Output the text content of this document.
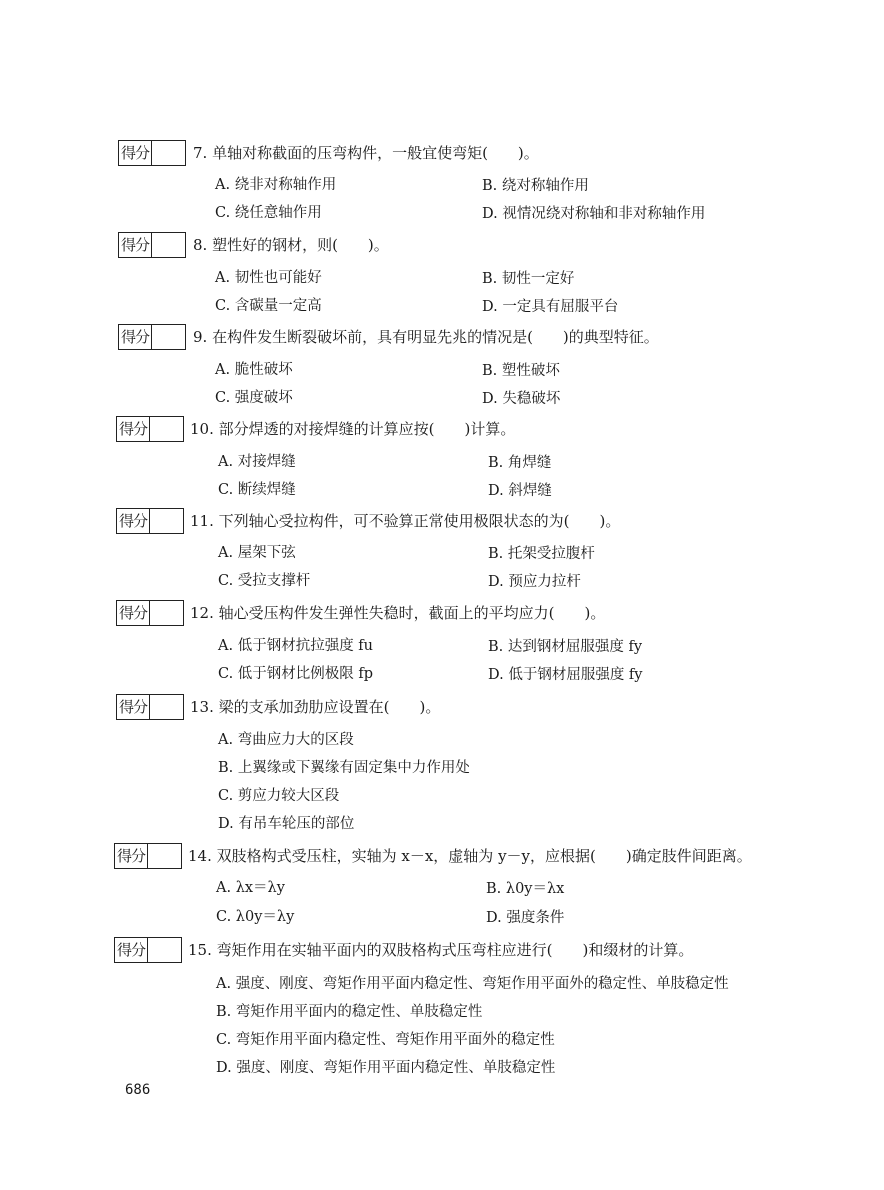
得分	7. 单轴对称截面的压弯构件，一般宜使弯矩(　　)。
A. 绕非对称轴作用	B. 绕对称轴作用
C. 绕任意轴作用	D. 视情况绕对称轴和非对称轴作用
得分	8. 塑性好的钢材，则(　　)。
A. 韧性也可能好	B. 韧性一定好
C. 含碳量一定高	D. 一定具有屈服平台
得分	9. 在构件发生断裂破坏前，具有明显先兆的情况是(　　)的典型特征。
A. 脆性破坏	B. 塑性破坏
C. 强度破坏	D. 失稳破坏
得分	10. 部分焊透的对接焊缝的计算应按(　　)计算。
A. 对接焊缝	B. 角焊缝
C. 断续焊缝	D. 斜焊缝
得分	11. 下列轴心受拉构件，可不验算正常使用极限状态的为(　　)。
A. 屋架下弦	B. 托架受拉腹杆
C. 受拉支撑杆	D. 预应力拉杆
得分	12. 轴心受压构件发生弹性失稳时，截面上的平均应力(　　)。
A. 低于钢材抗拉强度 fu	B. 达到钢材屈服强度 fy
C. 低于钢材比例极限 fp	D. 低于钢材屈服强度 fy
得分	13. 梁的支承加劲肋应设置在(　　)。
A. 弯曲应力大的区段
B. 上翼缘或下翼缘有固定集中力作用处
C. 剪应力较大区段
D. 有吊车轮压的部位
得分	14. 双肢格构式受压柱，实轴为 x－x，虚轴为 y－y，应根据(　　)确定肢件间距离。
A. λx＝λy	B. λ0y＝λx
C. λ0y＝λy	D. 强度条件
得分	15. 弯矩作用在实轴平面内的双肢格构式压弯柱应进行(　　)和缀材的计算。
A. 强度、刚度、弯矩作用平面内稳定性、弯矩作用平面外的稳定性、单肢稳定性
B. 弯矩作用平面内的稳定性、单肢稳定性
C. 弯矩作用平面内稳定性、弯矩作用平面外的稳定性
D. 强度、刚度、弯矩作用平面内稳定性、单肢稳定性
686
